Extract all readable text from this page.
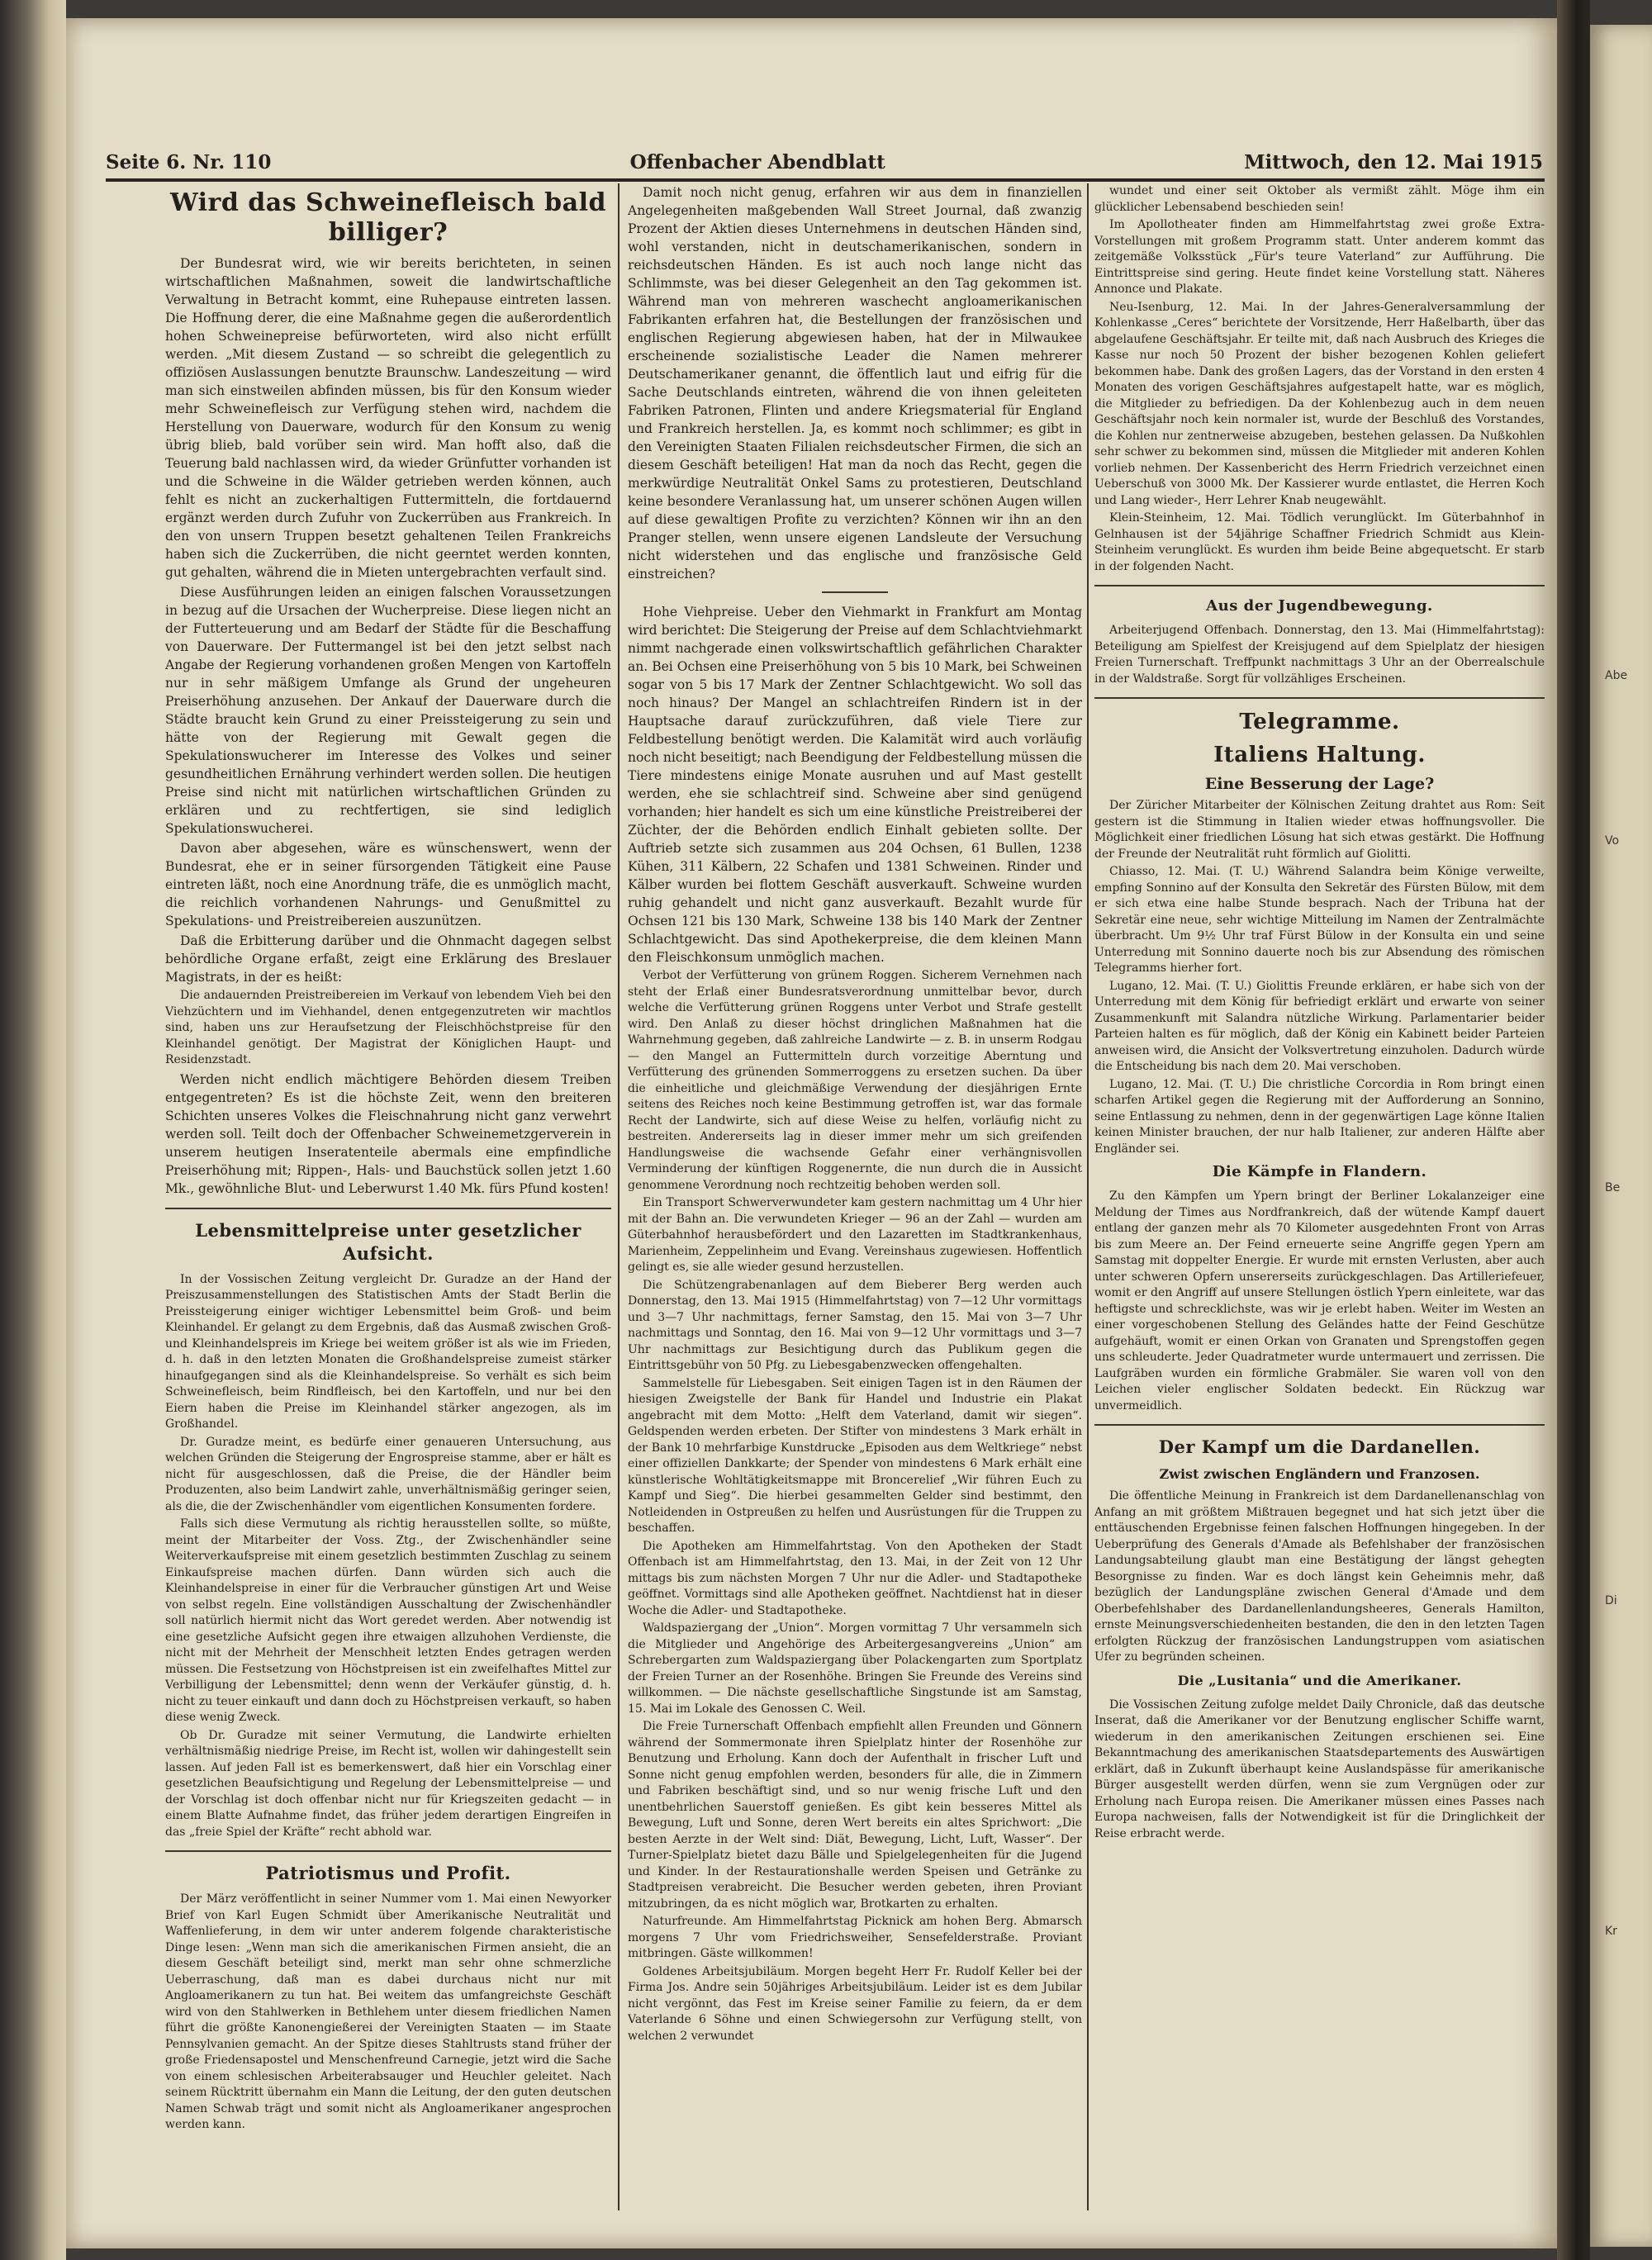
Abe
Vo
Be
Di
Kr
Seite 6. Nr. 110	Offenbacher Abendblatt	Mittwoch, den 12. Mai 1915
Wird das Schweinefleisch bald billiger?

Der Bundesrat wird, wie wir bereits berichteten, in seinen wirtschaftlichen Maßnahmen, soweit die landwirtschaftliche Verwaltung in Betracht kommt, eine Ruhepause eintreten lassen. Die Hoffnung derer, die eine Maßnahme gegen die außerordentlich hohen Schweinepreise befürworteten, wird also nicht erfüllt werden. „Mit diesem Zustand — so schreibt die gelegentlich zu offiziösen Auslassungen benutzte Braunschw. Landeszeitung — wird man sich einstweilen abfinden müssen, bis für den Konsum wieder mehr Schweinefleisch zur Verfügung stehen wird, nachdem die Herstellung von Dauerware, wodurch für den Konsum zu wenig übrig blieb, bald vorüber sein wird. Man hofft also, daß die Teuerung bald nachlassen wird, da wieder Grünfutter vorhanden ist und die Schweine in die Wälder getrieben werden können, auch fehlt es nicht an zuckerhaltigen Futtermitteln, die fortdauernd ergänzt werden durch Zufuhr von Zuckerrüben aus Frankreich. In den von unsern Truppen besetzt gehaltenen Teilen Frankreichs haben sich die Zuckerrüben, die nicht geerntet werden konnten, gut gehalten, während die in Mieten untergebrachten verfault sind.

Diese Ausführungen leiden an einigen falschen Voraussetzungen in bezug auf die Ursachen der Wucherpreise. Diese liegen nicht an der Futterteuerung und am Bedarf der Städte für die Beschaffung von Dauerware. Der Futtermangel ist bei den jetzt selbst nach Angabe der Regierung vorhandenen großen Mengen von Kartoffeln nur in sehr mäßigem Umfange als Grund der ungeheuren Preiserhöhung anzusehen. Der Ankauf der Dauerware durch die Städte braucht kein Grund zu einer Preissteigerung zu sein und hätte von der Regierung mit Gewalt gegen die Spekulationswucherer im Interesse des Volkes und seiner gesundheitlichen Ernährung verhindert werden sollen. Die heutigen Preise sind nicht mit natürlichen wirtschaftlichen Gründen zu erklären und zu rechtfertigen, sie sind lediglich Spekulationswucherei.

Davon aber abgesehen, wäre es wünschenswert, wenn der Bundesrat, ehe er in seiner fürsorgenden Tätigkeit eine Pause eintreten läßt, noch eine Anordnung träfe, die es unmöglich macht, die reichlich vorhandenen Nahrungs- und Genußmittel zu Spekulations- und Preistreibereien auszunützen.

Daß die Erbitterung darüber und die Ohnmacht dagegen selbst behördliche Organe erfaßt, zeigt eine Erklärung des Breslauer Magistrats, in der es heißt:

Die andauernden Preistreibereien im Verkauf von lebendem Vieh bei den Viehzüchtern und im Viehhandel, denen entgegenzutreten wir machtlos sind, haben uns zur Heraufsetzung der Fleischhöchstpreise für den Kleinhandel genötigt. Der Magistrat der Königlichen Haupt- und Residenzstadt.

Werden nicht endlich mächtigere Behörden diesem Treiben entgegentreten? Es ist die höchste Zeit, wenn den breiteren Schichten unseres Volkes die Fleischnahrung nicht ganz verwehrt werden soll. Teilt doch der Offenbacher Schweinemetzgerverein in unserem heutigen Inseratenteile abermals eine empfindliche Preiserhöhung mit; Rippen-, Hals- und Bauchstück sollen jetzt 1.60 Mk., gewöhnliche Blut- und Leberwurst 1.40 Mk. fürs Pfund kosten!

Lebensmittelpreise unter gesetzlicher Aufsicht.

In der Vossischen Zeitung vergleicht Dr. Guradze an der Hand der Preiszusammenstellungen des Statistischen Amts der Stadt Berlin die Preissteigerung einiger wichtiger Lebensmittel beim Groß- und beim Kleinhandel. Er gelangt zu dem Ergebnis, daß das Ausmaß zwischen Groß- und Kleinhandelspreis im Kriege bei weitem größer ist als wie im Frieden, d. h. daß in den letzten Monaten die Großhandelspreise zumeist stärker hinaufgegangen sind als die Kleinhandelspreise. So verhält es sich beim Schweinefleisch, beim Rindfleisch, bei den Kartoffeln, und nur bei den Eiern haben die Preise im Kleinhandel stärker angezogen, als im Großhandel.

Dr. Guradze meint, es bedürfe einer genaueren Untersuchung, aus welchen Gründen die Steigerung der Engrospreise stamme, aber er hält es nicht für ausgeschlossen, daß die Preise, die der Händler beim Produzenten, also beim Landwirt zahle, unverhältnismäßig geringer seien, als die, die der Zwischenhändler vom eigentlichen Konsumenten fordere.

Falls sich diese Vermutung als richtig herausstellen sollte, so müßte, meint der Mitarbeiter der Voss. Ztg., der Zwischenhändler seine Weiterverkaufspreise mit einem gesetzlich bestimmten Zuschlag zu seinem Einkaufspreise machen dürfen. Dann würden sich auch die Kleinhandelspreise in einer für die Verbraucher günstigen Art und Weise von selbst regeln. Eine vollständigen Ausschaltung der Zwischenhändler soll natürlich hiermit nicht das Wort geredet werden. Aber notwendig ist eine gesetzliche Aufsicht gegen ihre etwaigen allzuhohen Verdienste, die nicht mit der Mehrheit der Menschheit letzten Endes getragen werden müssen. Die Festsetzung von Höchstpreisen ist ein zweifelhaftes Mittel zur Verbilligung der Lebensmittel; denn wenn der Verkäufer günstig, d. h. nicht zu teuer einkauft und dann doch zu Höchstpreisen verkauft, so haben diese wenig Zweck.

Ob Dr. Guradze mit seiner Vermutung, die Landwirte erhielten verhältnismäßig niedrige Preise, im Recht ist, wollen wir dahingestellt sein lassen. Auf jeden Fall ist es bemerkenswert, daß hier ein Vorschlag einer gesetzlichen Beaufsichtigung und Regelung der Lebensmittelpreise — und der Vorschlag ist doch offenbar nicht nur für Kriegszeiten gedacht — in einem Blatte Aufnahme findet, das früher jedem derartigen Eingreifen in das „freie Spiel der Kräfte“ recht abhold war.

Patriotismus und Profit.

Der März veröffentlicht in seiner Nummer vom 1. Mai einen Newyorker Brief von Karl Eugen Schmidt über Amerikanische Neutralität und Waffenlieferung, in dem wir unter anderem folgende charakteristische Dinge lesen: „Wenn man sich die amerikanischen Firmen ansieht, die an diesem Geschäft beteiligt sind, merkt man sehr ohne schmerzliche Ueberraschung, daß man es dabei durchaus nicht nur mit Angloamerikanern zu tun hat. Bei weitem das umfangreichste Geschäft wird von den Stahlwerken in Bethlehem unter diesem friedlichen Namen führt die größte Kanonengießerei der Vereinigten Staaten — im Staate Pennsylvanien gemacht. An der Spitze dieses Stahltrusts stand früher der große Friedensapostel und Menschenfreund Carnegie, jetzt wird die Sache von einem schlesischen Arbeiterabsauger und Heuchler geleitet. Nach seinem Rücktritt übernahm ein Mann die Leitung, der den guten deutschen Namen Schwab trägt und somit nicht als Angloamerikaner angesprochen werden kann.

Damit noch nicht genug, erfahren wir aus dem in finanziellen Angelegenheiten maßgebenden Wall Street Journal, daß zwanzig Prozent der Aktien dieses Unternehmens in deutschen Händen sind, wohl verstanden, nicht in deutschamerikanischen, sondern in reichsdeutschen Händen. Es ist auch noch lange nicht das Schlimmste, was bei dieser Gelegenheit an den Tag gekommen ist. Während man von mehreren waschecht angloamerikanischen Fabrikanten erfahren hat, die Bestellungen der französischen und englischen Regierung abgewiesen haben, hat der in Milwaukee erscheinende sozialistische Leader die Namen mehrerer Deutschamerikaner genannt, die öffentlich laut und eifrig für die Sache Deutschlands eintreten, während die von ihnen geleiteten Fabriken Patronen, Flinten und andere Kriegsmaterial für England und Frankreich herstellen. Ja, es kommt noch schlimmer; es gibt in den Vereinigten Staaten Filialen reichsdeutscher Firmen, die sich an diesem Geschäft beteiligen! Hat man da noch das Recht, gegen die merkwürdige Neutralität Onkel Sams zu protestieren, Deutschland keine besondere Veranlassung hat, um unserer schönen Augen willen auf diese gewaltigen Profite zu verzichten? Können wir ihn an den Pranger stellen, wenn unsere eigenen Landsleute der Versuchung nicht widerstehen und das englische und französische Geld einstreichen?

Hohe Viehpreise. Ueber den Viehmarkt in Frankfurt am Montag wird berichtet: Die Steigerung der Preise auf dem Schlachtviehmarkt nimmt nachgerade einen volkswirtschaftlich gefährlichen Charakter an. Bei Ochsen eine Preiserhöhung von 5 bis 10 Mark, bei Schweinen sogar von 5 bis 17 Mark der Zentner Schlachtgewicht. Wo soll das noch hinaus? Der Mangel an schlachtreifen Rindern ist in der Hauptsache darauf zurückzuführen, daß viele Tiere zur Feldbestellung benötigt werden. Die Kalamität wird auch vorläufig noch nicht beseitigt; nach Beendigung der Feldbestellung müssen die Tiere mindestens einige Monate ausruhen und auf Mast gestellt werden, ehe sie schlachtreif sind. Schweine aber sind genügend vorhanden; hier handelt es sich um eine künstliche Preistreiberei der Züchter, der die Behörden endlich Einhalt gebieten sollte. Der Auftrieb setzte sich zusammen aus 204 Ochsen, 61 Bullen, 1238 Kühen, 311 Kälbern, 22 Schafen und 1381 Schweinen. Rinder und Kälber wurden bei flottem Geschäft ausverkauft. Schweine wurden ruhig gehandelt und nicht ganz ausverkauft. Bezahlt wurde für Ochsen 121 bis 130 Mark, Schweine 138 bis 140 Mark der Zentner Schlachtgewicht. Das sind Apothekerpreise, die dem kleinen Mann den Fleischkonsum unmöglich machen.

Verbot der Verfütterung von grünem Roggen. Sicherem Vernehmen nach steht der Erlaß einer Bundesratsverordnung unmittelbar bevor, durch welche die Verfütterung grünen Roggens unter Verbot und Strafe gestellt wird. Den Anlaß zu dieser höchst dringlichen Maßnahmen hat die Wahrnehmung gegeben, daß zahlreiche Landwirte — z. B. in unserm Rodgau — den Mangel an Futtermitteln durch vorzeitige Aberntung und Verfütterung des grünenden Sommerroggens zu ersetzen suchen. Da über die einheitliche und gleichmäßige Verwendung der diesjährigen Ernte seitens des Reiches noch keine Bestimmung getroffen ist, war das formale Recht der Landwirte, sich auf diese Weise zu helfen, vorläufig nicht zu bestreiten. Andererseits lag in dieser immer mehr um sich greifenden Handlungsweise die wachsende Gefahr einer verhängnisvollen Verminderung der künftigen Roggenernte, die nun durch die in Aussicht genommene Verordnung noch rechtzeitig behoben werden soll.

Ein Transport Schwerverwundeter kam gestern nachmittag um 4 Uhr hier mit der Bahn an. Die verwundeten Krieger — 96 an der Zahl — wurden am Güterbahnhof herausbefördert und den Lazaretten im Stadtkrankenhaus, Marienheim, Zeppelinheim und Evang. Vereinshaus zugewiesen. Hoffentlich gelingt es, sie alle wieder gesund herzustellen.

Die Schützengrabenanlagen auf dem Bieberer Berg werden auch Donnerstag, den 13. Mai 1915 (Himmelfahrtstag) von 7—12 Uhr vormittags und 3—7 Uhr nachmittags, ferner Samstag, den 15. Mai von 3—7 Uhr nachmittags und Sonntag, den 16. Mai von 9—12 Uhr vormittags und 3—7 Uhr nachmittags zur Besichtigung durch das Publikum gegen die Eintrittsgebühr von 50 Pfg. zu Liebesgabenzwecken offengehalten.

Sammelstelle für Liebesgaben. Seit einigen Tagen ist in den Räumen der hiesigen Zweigstelle der Bank für Handel und Industrie ein Plakat angebracht mit dem Motto: „Helft dem Vaterland, damit wir siegen“. Geldspenden werden erbeten. Der Stifter von mindestens 3 Mark erhält in der Bank 10 mehrfarbige Kunstdrucke „Episoden aus dem Weltkriege“ nebst einer offiziellen Dankkarte; der Spender von mindestens 6 Mark erhält eine künstlerische Wohltätigkeitsmappe mit Broncerelief „Wir führen Euch zu Kampf und Sieg“. Die hierbei gesammelten Gelder sind bestimmt, den Notleidenden in Ostpreußen zu helfen und Ausrüstungen für die Truppen zu beschaffen.

Die Apotheken am Himmelfahrtstag. Von den Apotheken der Stadt Offenbach ist am Himmelfahrtstag, den 13. Mai, in der Zeit von 12 Uhr mittags bis zum nächsten Morgen 7 Uhr nur die Adler- und Stadtapotheke geöffnet. Vormittags sind alle Apotheken geöffnet. Nachtdienst hat in dieser Woche die Adler- und Stadtapotheke.

Waldspaziergang der „Union“. Morgen vormittag 7 Uhr versammeln sich die Mitglieder und Angehörige des Arbeitergesangvereins „Union“ am Schrebergarten zum Waldspaziergang über Polackengarten zum Sportplatz der Freien Turner an der Rosenhöhe. Bringen Sie Freunde des Vereins sind willkommen. — Die nächste gesellschaftliche Singstunde ist am Samstag, 15. Mai im Lokale des Genossen C. Weil.

Die Freie Turnerschaft Offenbach empfiehlt allen Freunden und Gönnern während der Sommermonate ihren Spielplatz hinter der Rosenhöhe zur Benutzung und Erholung. Kann doch der Aufenthalt in frischer Luft und Sonne nicht genug empfohlen werden, besonders für alle, die in Zimmern und Fabriken beschäftigt sind, und so nur wenig frische Luft und den unentbehrlichen Sauerstoff genießen. Es gibt kein besseres Mittel als Bewegung, Luft und Sonne, deren Wert bereits ein altes Sprichwort: „Die besten Aerzte in der Welt sind: Diät, Bewegung, Licht, Luft, Wasser“. Der Turner-Spielplatz bietet dazu Bälle und Spielgelegenheiten für die Jugend und Kinder. In der Restaurationshalle werden Speisen und Getränke zu Stadtpreisen verabreicht. Die Besucher werden gebeten, ihren Proviant mitzubringen, da es nicht möglich war, Brotkarten zu erhalten.

Naturfreunde. Am Himmelfahrtstag Picknick am hohen Berg. Abmarsch morgens 7 Uhr vom Friedrichsweiher, Sensefelderstraße. Proviant mitbringen. Gäste willkommen!

Goldenes Arbeitsjubiläum. Morgen begeht Herr Fr. Rudolf Keller bei der Firma Jos. Andre sein 50jähriges Arbeitsjubiläum. Leider ist es dem Jubilar nicht vergönnt, das Fest im Kreise seiner Familie zu feiern, da er dem Vaterlande 6 Söhne und einen Schwiegersohn zur Verfügung stellt, von welchen 2 verwundet

wundet und einer seit Oktober als vermißt zählt. Möge ihm ein glücklicher Lebensabend beschieden sein!

Im Apollotheater finden am Himmelfahrtstag zwei große Extra-Vorstellungen mit großem Programm statt. Unter anderem kommt das zeitgemäße Volksstück „Für's teure Vaterland“ zur Aufführung. Die Eintrittspreise sind gering. Heute findet keine Vorstellung statt. Näheres Annonce und Plakate.

Neu-Isenburg, 12. Mai. In der Jahres-Generalversammlung der Kohlenkasse „Ceres“ berichtete der Vorsitzende, Herr Haßelbarth, über das abgelaufene Geschäftsjahr. Er teilte mit, daß nach Ausbruch des Krieges die Kasse nur noch 50 Prozent der bisher bezogenen Kohlen geliefert bekommen habe. Dank des großen Lagers, das der Vorstand in den ersten 4 Monaten des vorigen Geschäftsjahres aufgestapelt hatte, war es möglich, die Mitglieder zu befriedigen. Da der Kohlenbezug auch in dem neuen Geschäftsjahr noch kein normaler ist, wurde der Beschluß des Vorstandes, die Kohlen nur zentnerweise abzugeben, bestehen gelassen. Da Nußkohlen sehr schwer zu bekommen sind, müssen die Mitglieder mit anderen Kohlen vorlieb nehmen. Der Kassenbericht des Herrn Friedrich verzeichnet einen Ueberschuß von 3000 Mk. Der Kassierer wurde entlastet, die Herren Koch und Lang wieder-, Herr Lehrer Knab neugewählt.

Klein-Steinheim, 12. Mai. Tödlich verunglückt. Im Güterbahnhof in Gelnhausen ist der 54jährige Schaffner Friedrich Schmidt aus Klein-Steinheim verunglückt. Es wurden ihm beide Beine abgequetscht. Er starb in der folgenden Nacht.

Aus der Jugendbewegung.

Arbeiterjugend Offenbach. Donnerstag, den 13. Mai (Himmelfahrtstag): Beteiligung am Spielfest der Kreisjugend auf dem Spielplatz der hiesigen Freien Turnerschaft. Treffpunkt nachmittags 3 Uhr an der Oberrealschule in der Waldstraße. Sorgt für vollzähliges Erscheinen.

Telegramme.
Italiens Haltung.
Eine Besserung der Lage?

Der Züricher Mitarbeiter der Kölnischen Zeitung drahtet aus Rom: Seit gestern ist die Stimmung in Italien wieder etwas hoffnungsvoller. Die Möglichkeit einer friedlichen Lösung hat sich etwas gestärkt. Die Hoffnung der Freunde der Neutralität ruht förmlich auf Giolitti.

Chiasso, 12. Mai. (T. U.) Während Salandra beim Könige verweilte, empfing Sonnino auf der Konsulta den Sekretär des Fürsten Bülow, mit dem er sich etwa eine halbe Stunde besprach. Nach der Tribuna hat der Sekretär eine neue, sehr wichtige Mitteilung im Namen der Zentralmächte überbracht. Um 9½ Uhr traf Fürst Bülow in der Konsulta ein und seine Unterredung mit Sonnino dauerte noch bis zur Absendung des römischen Telegramms hierher fort.

Lugano, 12. Mai. (T. U.) Giolittis Freunde erklären, er habe sich von der Unterredung mit dem König für befriedigt erklärt und erwarte von seiner Zusammenkunft mit Salandra nützliche Wirkung. Parlamentarier beider Parteien halten es für möglich, daß der König ein Kabinett beider Parteien anweisen wird, die Ansicht der Volksvertretung einzuholen. Dadurch würde die Entscheidung bis nach dem 20. Mai verschoben.

Lugano, 12. Mai. (T. U.) Die christliche Corcordia in Rom bringt einen scharfen Artikel gegen die Regierung mit der Aufforderung an Sonnino, seine Entlassung zu nehmen, denn in der gegenwärtigen Lage könne Italien keinen Minister brauchen, der nur halb Italiener, zur anderen Hälfte aber Engländer sei.

Die Kämpfe in Flandern.

Zu den Kämpfen um Ypern bringt der Berliner Lokalanzeiger eine Meldung der Times aus Nordfrankreich, daß der wütende Kampf dauert entlang der ganzen mehr als 70 Kilometer ausgedehnten Front von Arras bis zum Meere an. Der Feind erneuerte seine Angriffe gegen Ypern am Samstag mit doppelter Energie. Er wurde mit ernsten Verlusten, aber auch unter schweren Opfern unsererseits zurückgeschlagen. Das Artilleriefeuer, womit er den Angriff auf unsere Stellungen östlich Ypern einleitete, war das heftigste und schrecklichste, was wir je erlebt haben. Weiter im Westen an einer vorgeschobenen Stellung des Geländes hatte der Feind Geschütze aufgehäuft, womit er einen Orkan von Granaten und Sprengstoffen gegen uns schleuderte. Jeder Quadratmeter wurde untermauert und zerrissen. Die Laufgräben wurden ein förmliche Grabmäler. Sie waren voll von den Leichen vieler englischer Soldaten bedeckt. Ein Rückzug war unvermeidlich.

Der Kampf um die Dardanellen.
Zwist zwischen Engländern und Franzosen.

Die öffentliche Meinung in Frankreich ist dem Dardanellenanschlag von Anfang an mit größtem Mißtrauen begegnet und hat sich jetzt über die enttäuschenden Ergebnisse feinen falschen Hoffnungen hingegeben. In der Ueberprüfung des Generals d'Amade als Befehlshaber der französischen Landungsabteilung glaubt man eine Bestätigung der längst gehegten Besorgnisse zu finden. War es doch längst kein Geheimnis mehr, daß bezüglich der Landungspläne zwischen General d'Amade und dem Oberbefehlshaber des Dardanellenlandungsheeres, Generals Hamilton, ernste Meinungsverschiedenheiten bestanden, die den in den letzten Tagen erfolgten Rückzug der französischen Landungstruppen vom asiatischen Ufer zu begründen scheinen.

Die „Lusitania“ und die Amerikaner.

Die Vossischen Zeitung zufolge meldet Daily Chronicle, daß das deutsche Inserat, daß die Amerikaner vor der Benutzung englischer Schiffe warnt, wiederum in den amerikanischen Zeitungen erschienen sei. Eine Bekanntmachung des amerikanischen Staatsdepartements des Auswärtigen erklärt, daß in Zukunft überhaupt keine Auslandspässe für amerikanische Bürger ausgestellt werden dürfen, wenn sie zum Vergnügen oder zur Erholung nach Europa reisen. Die Amerikaner müssen eines Passes nach Europa nachweisen, falls der Notwendigkeit ist für die Dringlichkeit der Reise erbracht werde.
